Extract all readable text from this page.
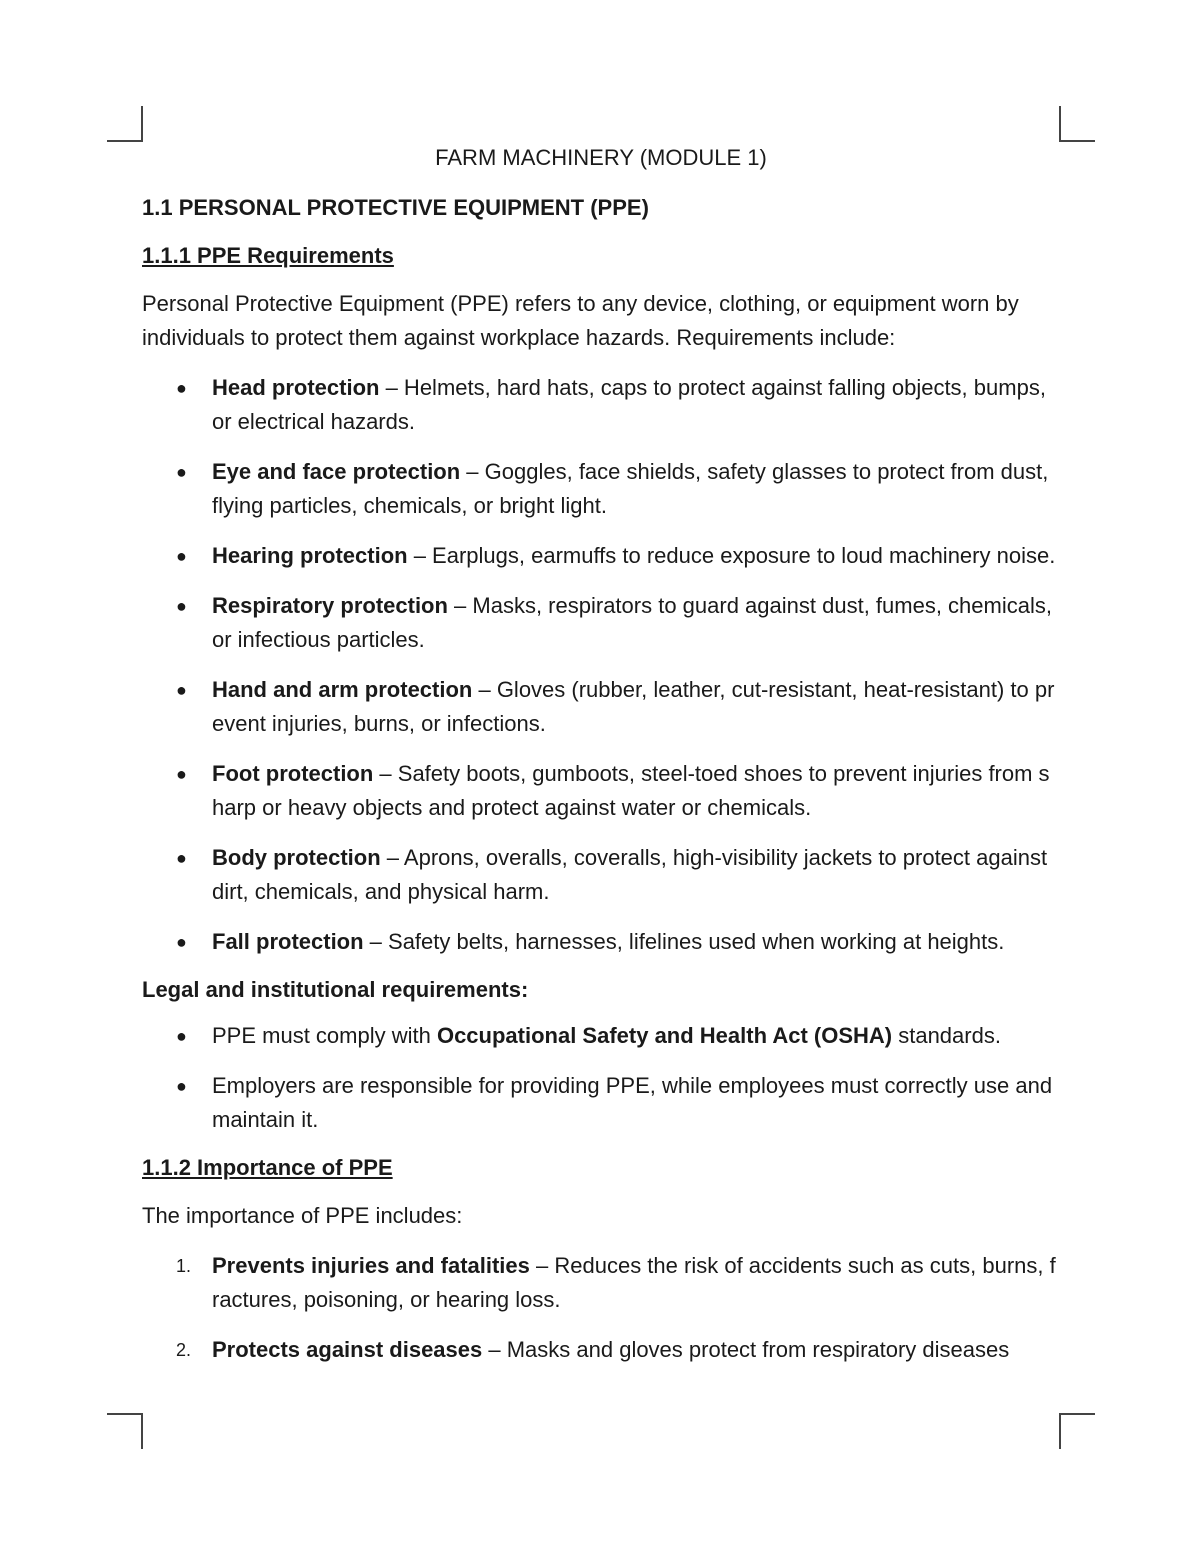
FARM MACHINERY (MODULE 1)
1.1 PERSONAL PROTECTIVE EQUIPMENT (PPE)
1.1.1 PPE Requirements
Personal Protective Equipment (PPE) refers to any device, clothing, or equipment worn by individuals to protect them against workplace hazards. Requirements include:
● Head protection – Helmets, hard hats, caps to protect against falling objects, bumps, or electrical hazards.
● Eye and face protection – Goggles, face shields, safety glasses to protect from dust, flying particles, chemicals, or bright light.
● Hearing protection – Earplugs, earmuffs to reduce exposure to loud machinery noise.
● Respiratory protection – Masks, respirators to guard against dust, fumes, chemicals, or infectious particles.
● Hand and arm protection – Gloves (rubber, leather, cut-resistant, heat-resistant) to prevent injuries, burns, or infections.
● Foot protection – Safety boots, gumboots, steel-toed shoes to prevent injuries from sharp or heavy objects and protect against water or chemicals.
● Body protection – Aprons, overalls, coveralls, high-visibility jackets to protect against dirt, chemicals, and physical harm.
● Fall protection – Safety belts, harnesses, lifelines used when working at heights.
Legal and institutional requirements:
● PPE must comply with Occupational Safety and Health Act (OSHA) standards.
● Employers are responsible for providing PPE, while employees must correctly use and maintain it.
1.1.2 Importance of PPE
The importance of PPE includes:
1. Prevents injuries and fatalities – Reduces the risk of accidents such as cuts, burns, fractures, poisoning, or hearing loss.
2. Protects against diseases – Masks and gloves protect from respiratory diseases
